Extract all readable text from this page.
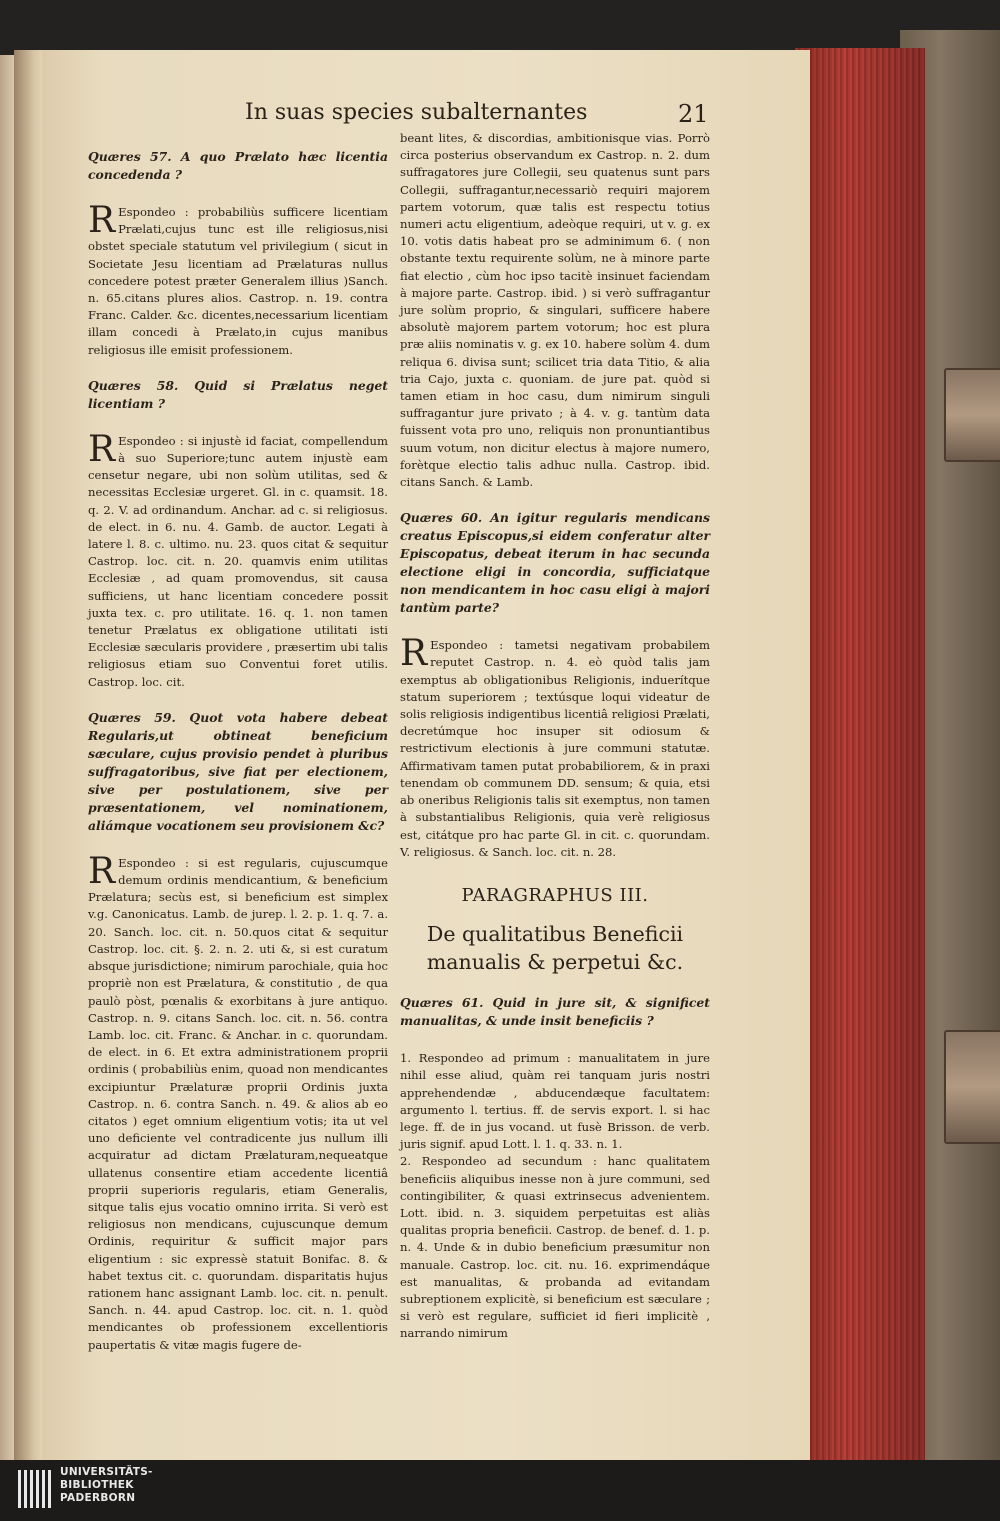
In suas species subalternantes	21
Quæres 57. A quo Prælato hæc licentia concedenda ?
R Espondeo : probabiliùs sufficere licentiam Prælati,cujus tunc est ille religiosus,nisi obstet speciale statutum vel privilegium ( sicut in Societate Jesu licentiam ad Prælaturas nullus concedere potest præter Generalem illius )Sanch. n. 65.citans plures alios. Castrop. n. 19. contra Franc. Calder. &c. dicentes,necessarium licentiam illam concedi à Prælato,in cujus manibus religiosus ille emisit professionem.
Quæres 58. Quid si Prælatus neget licentiam ?
R Espondeo : si injustè id faciat, compellendum à suo Superiore;tunc autem injustè eam censetur negare, ubi non solùm utilitas, sed & necessitas Ecclesiæ urgeret. Gl. in c. quamsit. 18. q. 2. V. ad ordinandum. Anchar. ad c. si religiosus. de elect. in 6. nu. 4. Gamb. de auctor. Legati à latere l. 8. c. ultimo. nu. 23. quos citat & sequitur Castrop. loc. cit. n. 20. quamvis enim utilitas Ecclesiæ , ad quam promovendus, sit causa sufficiens, ut hanc licentiam concedere possit juxta tex. c. pro utilitate. 16. q. 1. non tamen tenetur Prælatus ex obligatione utilitati isti Ecclesiæ sæcularis providere , præsertim ubi talis religiosus etiam suo Conventui foret utilis. Castrop. loc. cit.
Quæres 59. Quot vota habere debeat Regularis,ut obtineat beneficium sæculare, cujus provisio pendet à pluribus suffragatoribus, sive fiat per electionem, sive per postulationem, sive per præsentationem, vel nominationem, aliámque vocationem seu provisionem &c?
R Espondeo : si est regularis, cujuscumque demum ordinis mendicantium, & beneficium Prælatura; secùs est, si beneficium est simplex v.g. Canonicatus. Lamb. de jurep. l. 2. p. 1. q. 7. a. 20. Sanch. loc. cit. n. 50.quos citat & sequitur Castrop. loc. cit. §. 2. n. 2. uti &, si est curatum absque jurisdictione; nimirum parochiale, quia hoc propriè non est Prælatura, & constitutio , de qua paulò pòst, pœnalis & exorbitans à jure antiquo. Castrop. n. 9. citans Sanch. loc. cit. n. 56. contra Lamb. loc. cit. Franc. & Anchar. in c. quorundam. de elect. in 6. Et extra administrationem proprii ordinis ( probabiliùs enim, quoad non mendicantes excipiuntur Prælaturæ proprii Ordinis juxta Castrop. n. 6. contra Sanch. n. 49. & alios ab eo citatos ) eget omnium eligentium votis; ita ut vel uno deficiente vel contradicente jus nullum illi acquiratur ad dictam Prælaturam,nequeatque ullatenus consentire etiam accedente licentiâ proprii superioris regularis, etiam Generalis, sitque talis ejus vocatio omnino irrita. Si verò est religiosus non mendicans, cujuscunque demum Ordinis, requiritur & sufficit major pars eligentium : sic expressè statuit Bonifac. 8. & habet textus cit. c. quorundam. disparitatis hujus rationem hanc assignant Lamb. loc. cit. n. penult. Sanch. n. 44. apud Castrop. loc. cit. n. 1. quòd mendicantes ob professionem excellentioris paupertatis & vitæ magis fugere de-
beant lites, & discordias, ambitionisque vias. Porrò circa posterius observandum ex Castrop. n. 2. dum suffragatores jure Collegii, seu quatenus sunt pars Collegii, suffragantur,necessariò requiri majorem partem votorum, quæ talis est respectu totius numeri actu eligentium, adeòque requiri, ut v. g. ex 10. votis datis habeat pro se adminimum 6. ( non obstante textu requirente solùm, ne à minore parte fiat electio , cùm hoc ipso tacitè insinuet faciendam à majore parte. Castrop. ibid. ) si verò suffragantur jure solùm proprio, & singulari, sufficere habere absolutè majorem partem votorum; hoc est plura præ aliis nominatis v. g. ex 10. habere solùm 4. dum reliqua 6. divisa sunt; scilicet tria data Titio, & alia tria Cajo, juxta c. quoniam. de jure pat. quòd si tamen etiam in hoc casu, dum nimirum singuli suffragantur jure privato ; à 4. v. g. tantùm data fuissent vota pro uno, reliquis non pronuntiantibus suum votum, non dicitur electus à majore numero, forètque electio talis adhuc nulla. Castrop. ibid. citans Sanch. & Lamb.
Quæres 60. An igitur regularis mendicans creatus Episcopus,si eidem conferatur alter Episcopatus, debeat iterum in hac secunda electione eligi in concordia, sufficiatque non mendicantem in hoc casu eligi à majori tantùm parte?
R Espondeo : tametsi negativam probabilem reputet Castrop. n. 4. eò quòd talis jam exemptus ab obligationibus Religionis, induerítque statum superiorem ; textúsque loqui videatur de solis religiosis indigentibus licentiâ religiosi Prælati, decretúmque hoc insuper sit odiosum & restrictivum electionis à jure communi statutæ. Affirmativam tamen putat probabiliorem, & in praxi tenendam ob communem DD. sensum; & quia, etsi ab oneribus Religionis talis sit exemptus, non tamen à substantialibus Religionis, quia verè religiosus est, citátque pro hac parte Gl. in cit. c. quorundam. V. religiosus. & Sanch. loc. cit. n. 28.
PARAGRAPHUS III.
De qualitatibus Beneficii manualis & perpetui &c.
Quæres 61. Quid in jure sit, & significet manualitas, & unde insit beneficiis ?
1. Respondeo ad primum : manualitatem in jure nihil esse aliud, quàm rei tanquam juris nostri apprehendendæ , abducendæque facultatem: argumento l. tertius. ff. de servis export. l. si hac lege. ff. de in jus vocand. ut fusè Brisson. de verb. juris signif. apud Lott. l. 1. q. 33. n. 1.
2. Respondeo ad secundum : hanc qualitatem beneficiis aliquibus inesse non à jure communi, sed contingibiliter, & quasi extrinsecus advenientem. Lott. ibid. n. 3. siquidem perpetuitas est aliàs qualitas propria beneficii. Castrop. de benef. d. 1. p. n. 4. Unde & in dubio beneficium præsumitur non manuale. Castrop. loc. cit. nu. 16. exprimendáque est manualitas, & probanda ad evitandam subreptionem explicitè, si beneficium est sæculare ; si verò est regulare, sufficiet id fieri implicitè , narrando nimirum
UNIVERSITÄTS-
BIBLIOTHEK
PADERBORN
